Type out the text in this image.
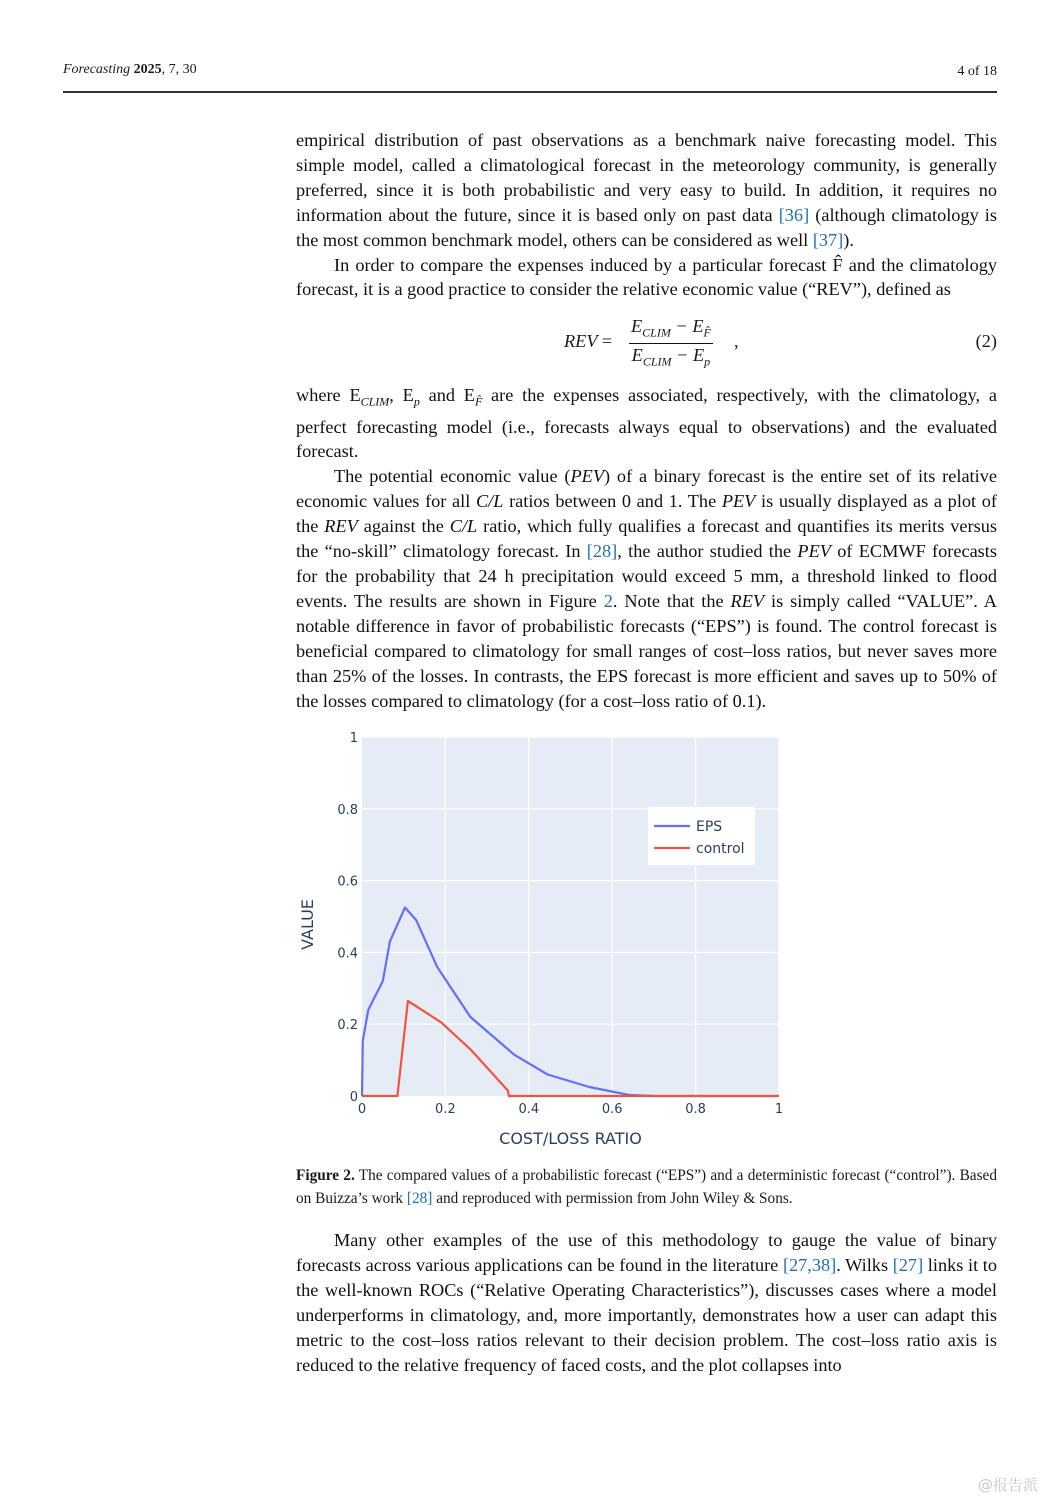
Forecasting 2025, 7, 30	4 of 18

empirical distribution of past observations as a benchmark naive forecasting model. This simple model, called a climatological forecast in the meteorology community, is generally preferred, since it is both probabilistic and very easy to build. In addition, it requires no information about the future, since it is based only on past data [36] (although climatology is the most common benchmark model, others can be considered as well [37]).

In order to compare the expenses induced by a particular forecast F̂ and the climatology forecast, it is a good practice to consider the relative economic value (“REV”), defined as

REV =
$E_{CLIM} - E_{F̂}$
$E_{CLIM} - E_p$
,	(2)

where $E_{CLIM}$, $E_p$ and $E_{F̂}$ are the expenses associated, respectively, with the climatology, a perfect forecasting model (i.e., forecasts always equal to observations) and the evaluated forecast.

The potential economic value (PEV) of a binary forecast is the entire set of its relative economic values for all C/L ratios between 0 and 1. The PEV is usually displayed as a plot of the REV against the C/L ratio, which fully qualifies a forecast and quantifies its merits versus the “no-skill” climatology forecast. In [28], the author studied the PEV of ECMWF forecasts for the probability that 24 h precipitation would exceed 5 mm, a threshold linked to flood events. The results are shown in Figure 2. Note that the REV is simply called “VALUE”. A notable difference in favor of probabilistic forecasts (“EPS”) is found. The control forecast is beneficial compared to climatology for small ranges of cost–loss ratios, but never saves more than 25% of the losses. In contrasts, the EPS forecast is more efficient and saves up to 50% of the losses compared to climatology (for a cost–loss ratio of 0.1).

0	0.2	0.4	0.6	0.8	1
0
0.2
0.4
0.6
0.8
1
EPS
control
COST/LOSS RATIO
VALUE
Figure 2. The compared values of a probabilistic forecast (“EPS”) and a deterministic forecast (“control”). Based on Buizza’s work [28] and reproduced with permission from John Wiley & Sons.

Many other examples of the use of this methodology to gauge the value of binary forecasts across various applications can be found in the literature [27,38]. Wilks [27] links it to the well-known ROCs (“Relative Operating Characteristics”), discusses cases where a model underperforms in climatology, and, more importantly, demonstrates how a user can adapt this metric to the cost–loss ratios relevant to their decision problem. The cost–loss ratio axis is reduced to the relative frequency of faced costs, and the plot collapses into

@报告派
